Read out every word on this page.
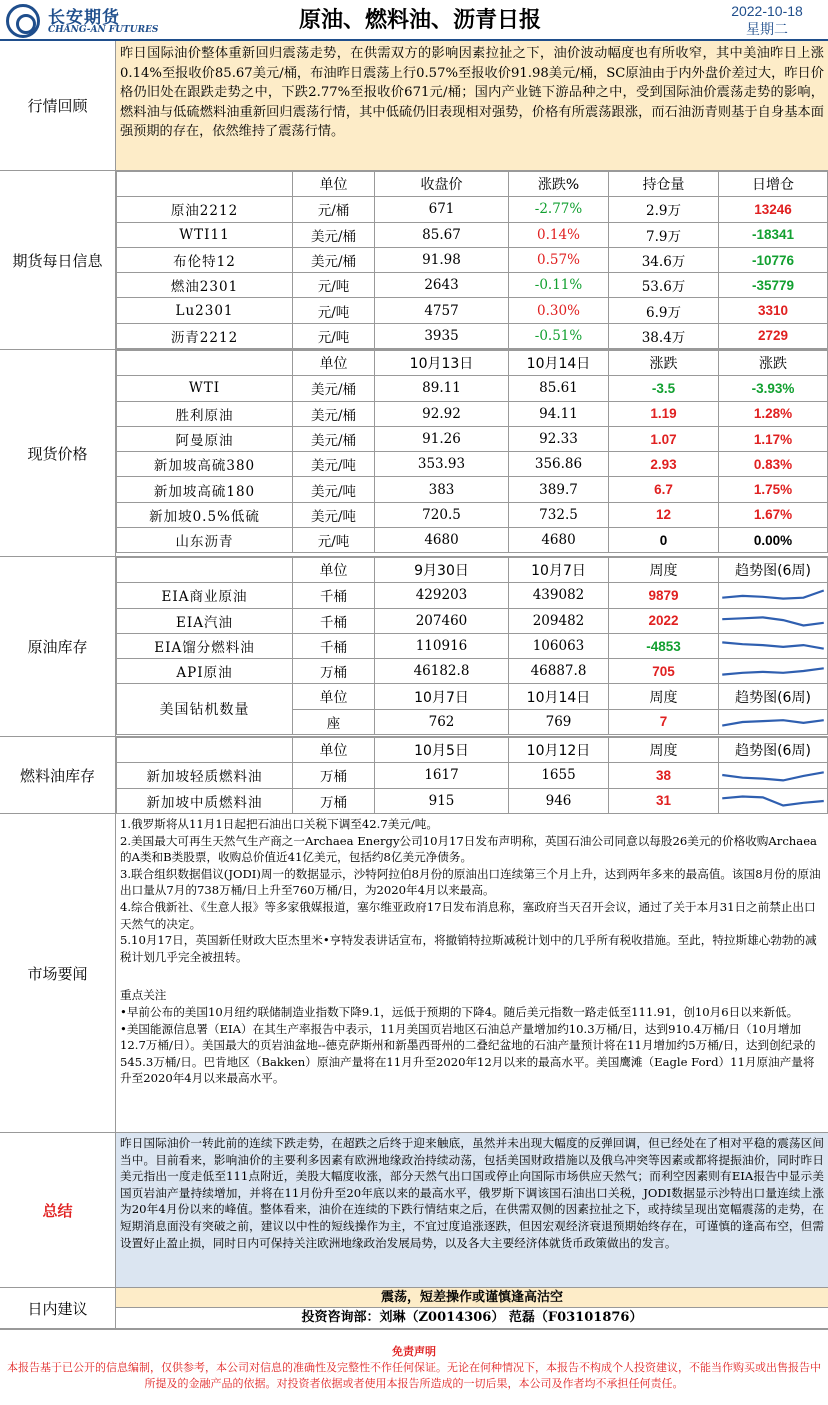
长安期货
CHANG-AN FUTURES	原油、燃料油、沥青日报	2022-10-18
星期二
行情回顾
昨日国际油价整体重新回归震荡走势，在供需双方的影响因素拉扯之下，油价波动幅度也有所收窄，其中美油昨日上涨0.14%至报收价85.67美元/桶，布油昨日震荡上行0.57%至报收价91.98美元/桶，SC原油由于内外盘价差过大，昨日价格仍旧处在跟跌走势之中，下跌2.77%至报收价671元/桶；国内产业链下游品种之中，受到国际油价震荡走势的影响，燃料油与低硫燃料油重新回归震荡行情，其中低硫仍旧表现相对强势，价格有所震荡跟涨，而石油沥青则基于自身基本面强预期的存在，依然维持了震荡行情。
期货每日信息
	单位	收盘价	涨跌%	持仓量	日增仓
原油2212	元/桶	671	-2.77%	2.9万	13246
WTI11	美元/桶	85.67	0.14%	7.9万	-18341
布伦特12	美元/桶	91.98	0.57%	34.6万	-10776
燃油2301	元/吨	2643	-0.11%	53.6万	-35779
Lu2301	元/吨	4757	0.30%	6.9万	3310
沥青2212	元/吨	3935	-0.51%	38.4万	2729
现货价格
	单位	10月13日	10月14日	涨跌	涨跌
WTI	美元/桶	89.11	85.61	-3.5	-3.93%
胜利原油	美元/桶	92.92	94.11	1.19	1.28%
阿曼原油	美元/桶	91.26	92.33	1.07	1.17%
新加坡高硫380	美元/吨	353.93	356.86	2.93	0.83%
新加坡高硫180	美元/吨	383	389.7	6.7	1.75%
新加坡0.5%低硫	美元/吨	720.5	732.5	12	1.67%
山东沥青	元/吨	4680	4680	0	0.00%
原油库存
	单位	9月30日	10月7日	周度	趋势图(6周)
EIA商业原油	千桶	429203	439082	9879	

EIA汽油	千桶	207460	209482	2022	

EIA馏分燃料油	千桶	110916	106063	-4853	

API原油	万桶	46182.8	46887.8	705	

美国钻机数量	单位	10月7日	10月14日	周度	趋势图(6周)
	座	762	769	7	
燃料油库存
	单位	10月5日	10月12日	周度	趋势图(6周)
新加坡轻质燃料油	万桶	1617	1655	38	

新加坡中质燃料油	万桶	915	946	31	
市场要闻

1.俄罗斯将从11月1日起把石油出口关税下调至42.7美元/吨。

2.美国最大可再生天然气生产商之一Archaea Energy公司10月17日发布声明称，英国石油公司同意以每股26美元的价格收购Archaea的A类和B类股票，收购总价值近41亿美元，包括约8亿美元净债务。

3.联合组织数据倡议(JODI)周一的数据显示，沙特阿拉伯8月份的原油出口连续第三个月上升，达到两年多来的最高值。该国8月份的原油出口量从7月的738万桶/日上升至760万桶/日，为2020年4月以来最高。

4.综合俄新社、《生意人报》等多家俄媒报道，塞尔维亚政府17日发布消息称，塞政府当天召开会议，通过了关于本月31日之前禁止出口天然气的决定。

5.10月17日，英国新任财政大臣杰里米•亨特发表讲话宣布，将撤销特拉斯减税计划中的几乎所有税收措施。至此，特拉斯雄心勃勃的减税计划几乎完全被扭转。

重点关注

•早前公布的美国10月纽约联储制造业指数下降9.1，远低于预期的下降4。随后美元指数一路走低至111.91，创10月6日以来新低。

•美国能源信息署（EIA）在其生产率报告中表示，11月美国页岩地区石油总产量增加约10.3万桶/日，达到910.4万桶/日（10月增加12.7万桶/日）。美国最大的页岩油盆地--德克萨斯州和新墨西哥州的二叠纪盆地的石油产量预计将在11月增加约5万桶/日，达到创纪录的545.3万桶/日。巴肯地区（Bakken）原油产量将在11月升至2020年12月以来的最高水平。美国鹰滩（Eagle Ford）11月原油产量将升至2020年4月以来最高水平。

总结
昨日国际油价一转此前的连续下跌走势，在超跌之后终于迎来触底，虽然并未出现大幅度的反弹回调，但已经处在了相对平稳的震荡区间当中。目前看来，影响油价的主要利多因素有欧洲地缘政治持续动荡，包括美国财政措施以及俄乌冲突等因素或都将提振油价，同时昨日美元指出一度走低至111点附近，美股大幅度收涨，部分天然气出口国或停止向国际市场供应天然气；而利空因素则有EIA报告中显示美国页岩油产量持续增加，并将在11月份升至20年底以来的最高水平，俄罗斯下调该国石油出口关税，JODI数据显示沙特出口量连续上涨为20年4月份以来的峰值。整体看来，油价在连续的下跌行情结束之后，在供需双侧的因素拉扯之下，或持续呈现出宽幅震荡的走势，在短期消息面没有突破之前，建议以中性的短线操作为主，不宜过度追涨逐跌，但因宏观经济衰退预期始终存在，可谨慎的逢高布空，但需设置好止盈止损，同时日内可保持关注欧洲地缘政治发展局势，以及各大主要经济体就货币政策做出的发言。
日内建议
震荡，短差操作或谨慎逢高沽空
投资咨询部：刘琳（Z0014306） 范磊（F03101876）
免责声明
本报告基于已公开的信息编制，仅供参考，本公司对信息的准确性及完整性不作任何保证。无论在何种情况下，本报告不构成个人投资建议，不能当作购买或出售报告中所提及的金融产品的依据。对投资者依据或者使用本报告所造成的一切后果，本公司及作者均不承担任何责任。
